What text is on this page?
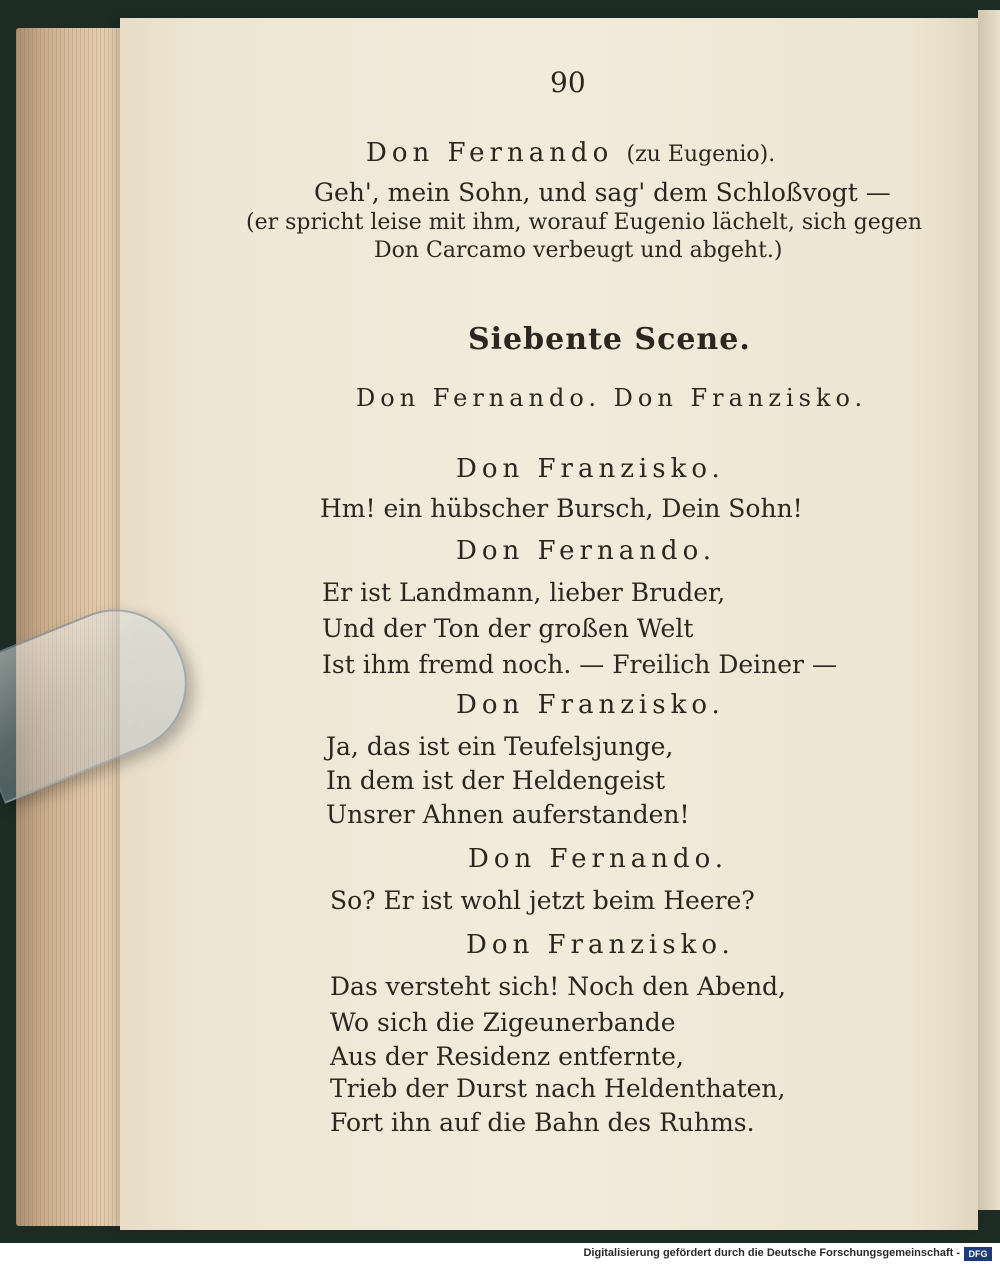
90
Don Fernando (zu Eugenio).
Geh', mein Sohn, und sag' dem Schloßvogt —
(er spricht leise mit ihm, worauf Eugenio lächelt, sich gegen
Don Carcamo verbeugt und abgeht.)
Siebente Scene.
Don Fernando. Don Franzisko.
Don Franzisko.
Hm! ein hübscher Bursch, Dein Sohn!
Don Fernando.
Er ist Landmann, lieber Bruder,
Und der Ton der großen Welt
Ist ihm fremd noch. — Freilich Deiner —
Don Franzisko.
Ja, das ist ein Teufelsjunge,
In dem ist der Heldengeist
Unsrer Ahnen auferstanden!
Don Fernando.
So? Er ist wohl jetzt beim Heere?
Don Franzisko.
Das versteht sich! Noch den Abend,
Wo sich die Zigeunerbande
Aus der Residenz entfernte,
Trieb der Durst nach Heldenthaten,
Fort ihn auf die Bahn des Ruhms.
Digitalisierung gefördert durch die Deutsche Forschungsgemeinschaft - DFG
